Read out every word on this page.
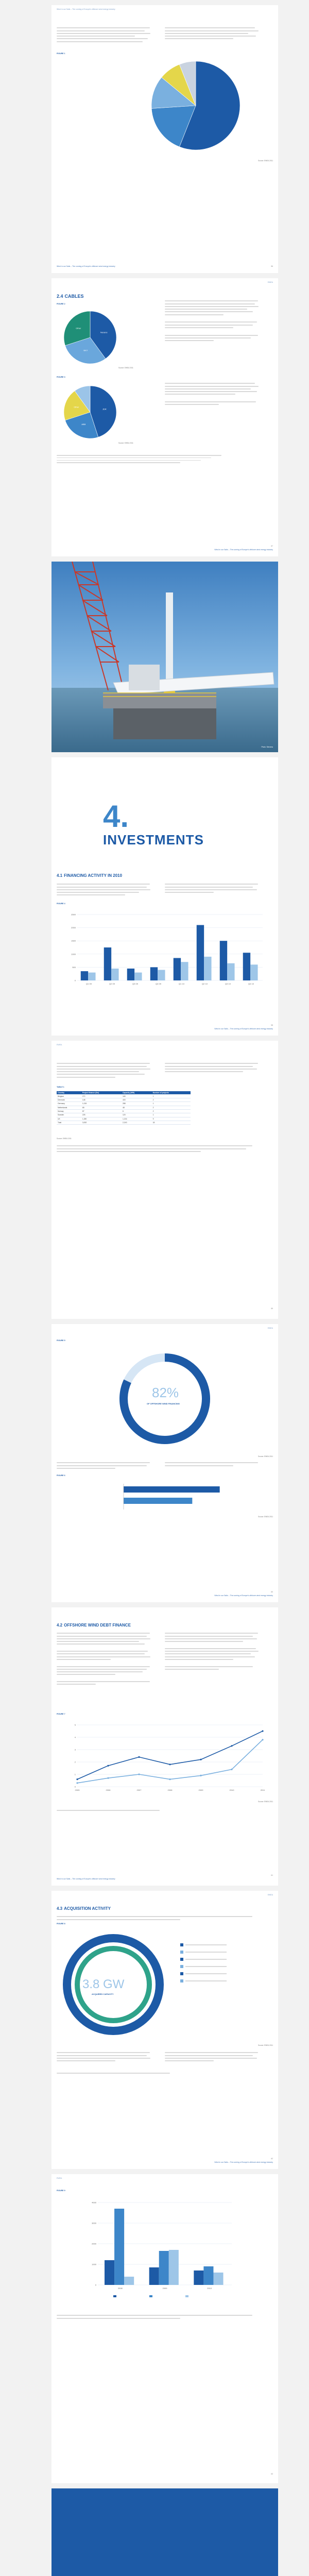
Wind in our Sails – The coming of Europe's offshore wind energy industry
FIGURE 1
Source: EWEA 2011
Wind in our Sails – The coming of Europe's offshore wind energy industry	56
EWEA
2.4 CABLES
FIGURE 2
Nexans
NKT
Other
Source: EWEA 2011
FIGURE 3
JDR
ABB
Other
Source: EWEA 2011
Wind in our Sails – The coming of Europe's offshore wind energy industry
57
Photo: Siemens
4.
INVESTMENTS
4.1 FINANCING ACTIVITY IN 2010
FIGURE 4
0
500
1000
1500
2000
2500
Q1 09	Q2 09	Q3 09	Q4 09	Q1 10	Q2 10	Q3 10	Q4 10
Wind in our Sails – The coming of Europe's offshore wind energy industry
58
EWEA
TABLE 1
Country	Project finance (€m)	Capacity (MW)	Number of projects
Belgium	272	165	1
Denmark	148	400	2
Germany	1,015	288	1
Netherlands	65	48	2
Norway	87	6	2
Sweden	225	120	1
UK	1,280	1,216	9
Total	3,092	2,243	18
Source: EWEA 2011
59
EWEA
FIGURE 5
82%
OF OFFSHORE WIND FINANCING
Source: EWEA 2011
FIGURE 6
Source: EWEA 2011
Wind in our Sails – The coming of Europe's offshore wind energy industry
60
4.2 OFFSHORE WIND DEBT FINANCE
FIGURE 7
0
1
2
3
4
5
2005	2006	2007	2008	2009	2010	2011
Source: EWEA 2011
Wind in our Sails – The coming of Europe's offshore wind energy industry
61
EWEA
4.3 ACQUISITION ACTIVITY
FIGURE 8
3.8 GW
ACQUIRED CAPACITY
Source: EWEA 2011
Wind in our Sails – The coming of Europe's offshore wind energy industry
62
EWEA
FIGURE 9
0
1000
2000
3000
4000
2008	2009	2010
63
